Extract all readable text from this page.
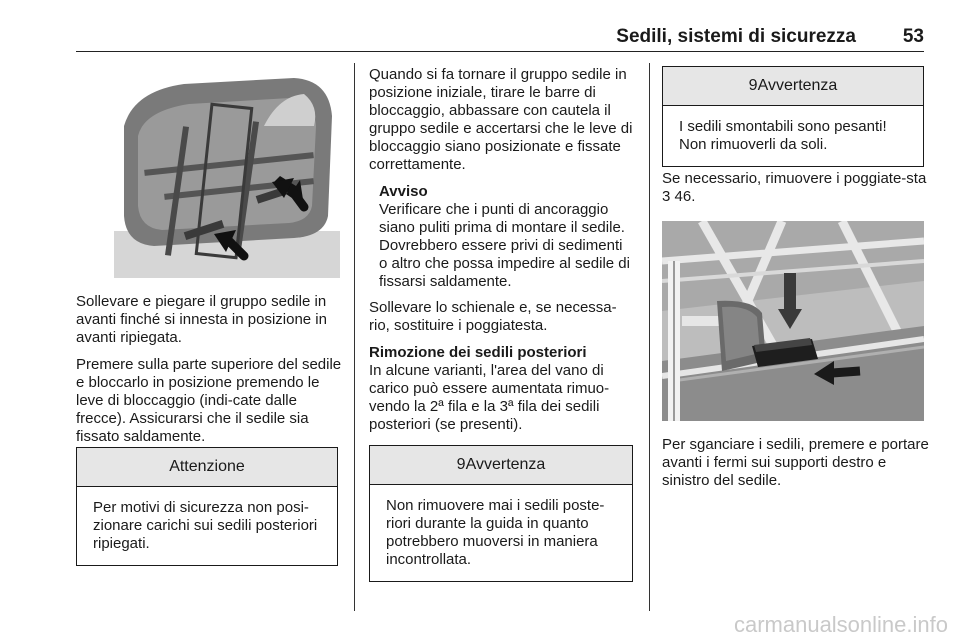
Sedili, sistemi di sicurezza 53

Sollevare e piegare il gruppo sedile in avanti finché si innesta in posizione in avanti ripiegata.

Premere sulla parte superiore del sedile e bloccarlo in posizione premendo le leve di bloccaggio (indi-cate dalle frecce). Assicurarsi che il sedile sia fissato saldamente.

Attenzione
Per motivi di sicurezza non posi-zionare carichi sui sedili posteriori ripiegati.

Quando si fa tornare il gruppo sedile in posizione iniziale, tirare le barre di bloccaggio, abbassare con cautela il gruppo sedile e accertarsi che le leve di bloccaggio siano posizionate e fissate correttamente.

Avviso
Verificare che i punti di ancoraggio siano puliti prima di montare il sedile. Dovrebbero essere privi di sedimenti o altro che possa impedire al sedile di fissarsi saldamente.

Sollevare lo schienale e, se necessa-rio, sostituire i poggiatesta.

Rimozione dei sedili posteriori

In alcune varianti, l'area del vano di carico può essere aumentata rimuo-vendo la 2ª fila e la 3ª fila dei sedili posteriori (se presenti).

9Avvertenza
Non rimuovere mai i sedili poste-riori durante la guida in quanto potrebbero muoversi in maniera incontrollata.
9Avvertenza
I sedili smontabili sono pesanti! Non rimuoverli da soli.

Se necessario, rimuovere i poggiate-sta 3 46.

Per sganciare i sedili, premere e portare avanti i fermi sui supporti destro e sinistro del sedile.

carmanualsonline.info
